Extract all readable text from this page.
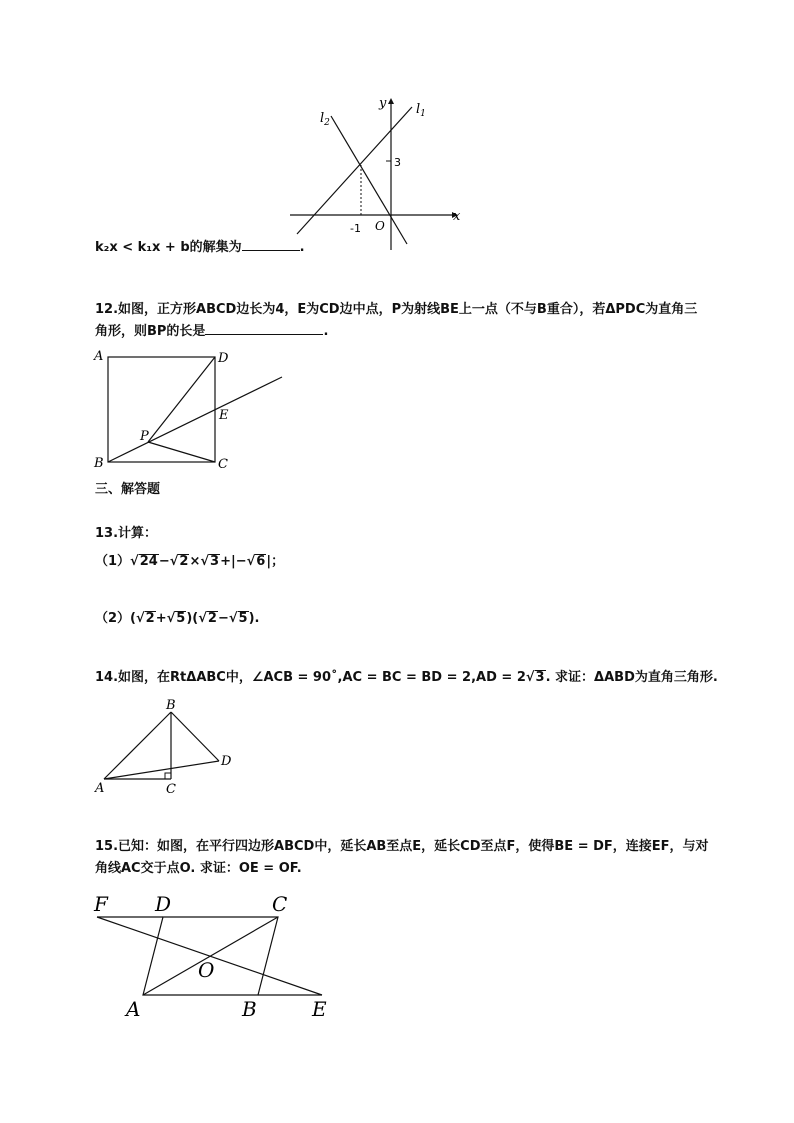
y
x
O
$l_1$
$l_2$
3
-1
k₂x < k₁x + b的解集为	.
12.如图，正方形ABCD边长为4，E为CD边中点，P为射线BE上一点（不与B重合），若ΔPDC为直角三
角形，则BP的长是	.
A	D
B	C
E
P
三、解答题
13.计算：
（1）√24−√2×√3+|−√6|；
（2）(√2+√5)(√2−√5).
14.如图，在RtΔABC中，∠ACB = 90˚,AC = BC = BD = 2,AD = 2√3. 求证：ΔABD为直角三角形.
B
A	C
D
15.已知：如图，在平行四边形ABCD中，延长AB至点E，延长CD至点F，使得BE = DF，连接EF，与对
角线AC交于点O. 求证：OE = OF.
F D	C
O
A	B	E
